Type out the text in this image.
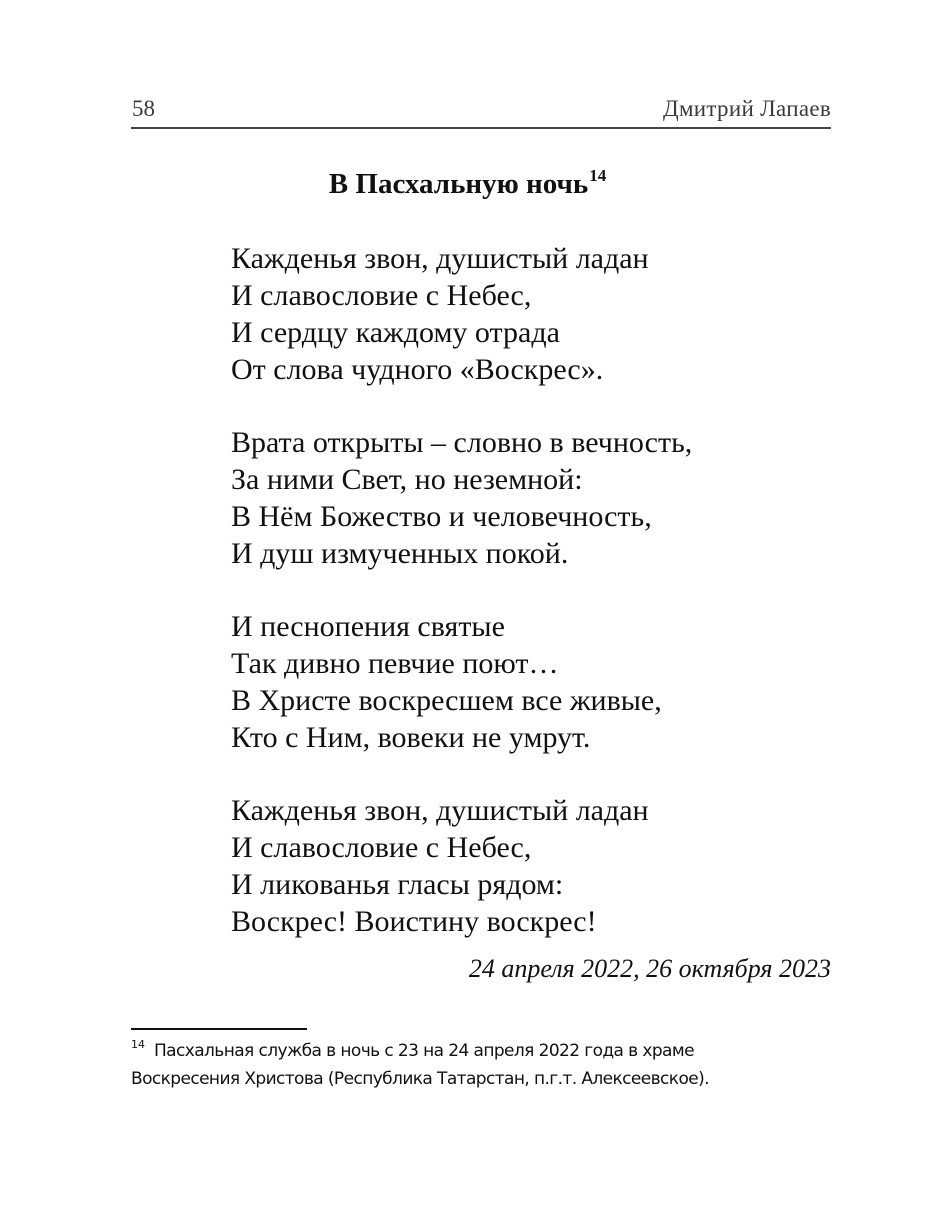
58	Дмитрий Лапаев
В Пасхальную ночь$^{14}$
Кажденья звон, душистый ладан
И славословие с Небес,
И сердцу каждому отрада
От слова чудного «Воскрес».
Врата открыты – словно в вечность,
За ними Свет, но неземной:
В Нём Божество и человечность,
И душ измученных покой.
И песнопения святые
Так дивно певчие поют…
В Христе воскресшем все живые,
Кто с Ним, вовеки не умрут.
Кажденья звон, душистый ладан
И славословие с Небес,
И ликованья гласы рядом:
Воскрес! Воистину воскрес!
24 апреля 2022, 26 октября 2023
$^{14}$ Пасхальная служба в ночь с 23 на 24 апреля 2022 года в храме
Воскресения Христова (Республика Татарстан, п.г.т. Алексеевское).
